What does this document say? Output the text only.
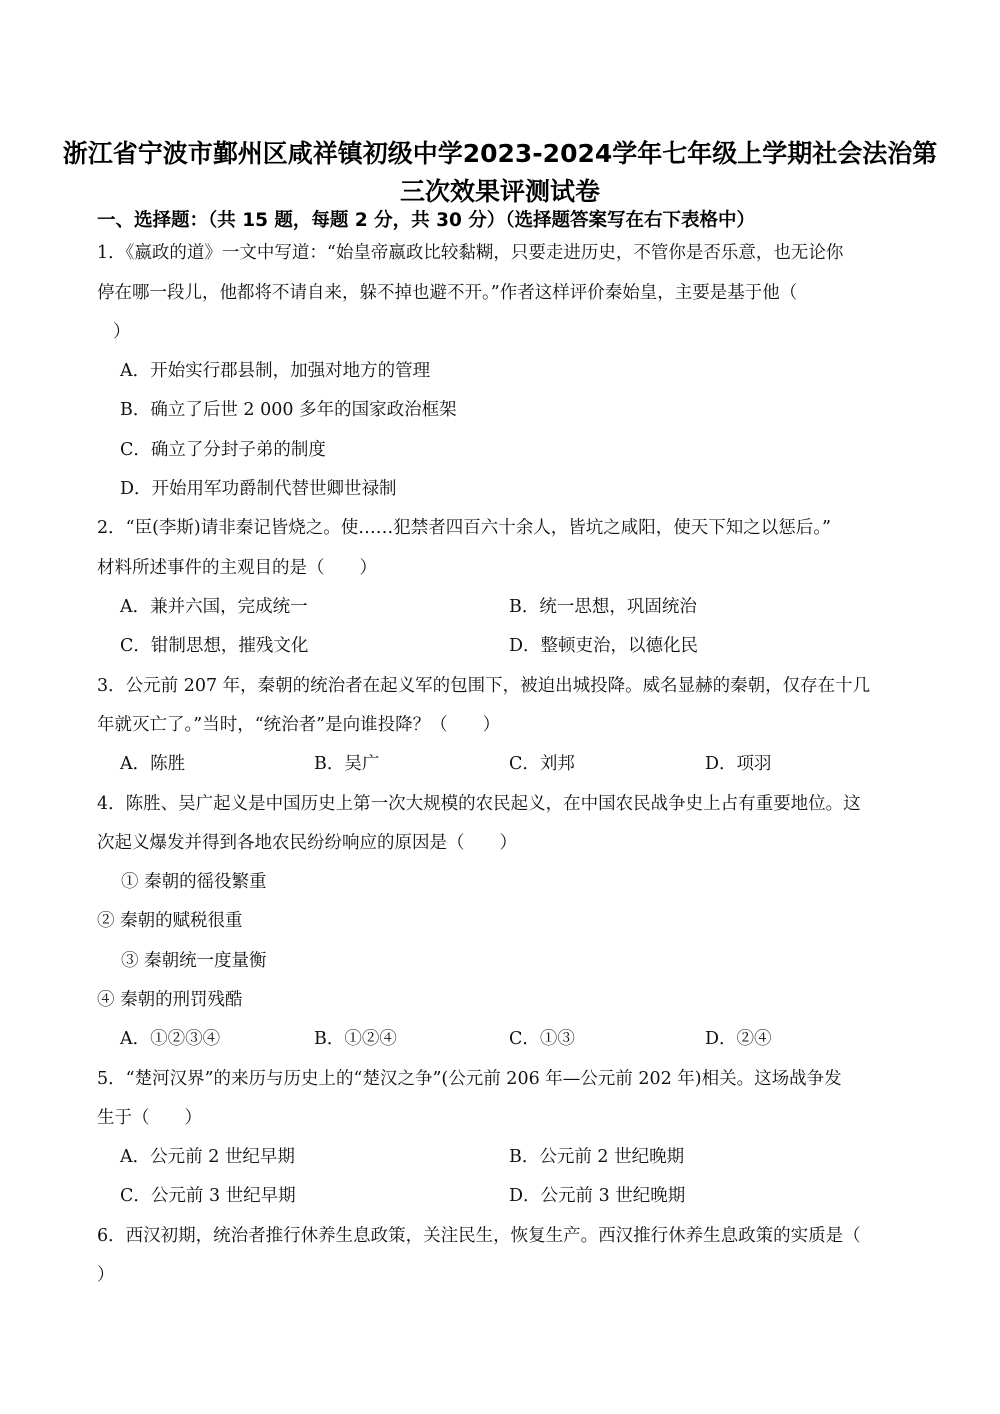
浙江省宁波市鄞州区咸祥镇初级中学2023-2024学年七年级上学期社会法治第
三次效果评测试卷
一、选择题：（共 15 题，每题 2 分，共 30 分）（选择题答案写在右下表格中）
1．《嬴政的道》一文中写道：“始皇帝嬴政比较黏糊，只要走进历史，不管你是否乐意，也无论你
停在哪一段儿，他都将不请自来，躲不掉也避不开。”作者这样评价秦始皇，主要是基于他（
）
A．开始实行郡县制，加强对地方的管理
B．确立了后世 2 000 多年的国家政治框架
C．确立了分封子弟的制度
D．开始用军功爵制代替世卿世禄制
2．“臣(李斯)请非秦记皆烧之。使……犯禁者四百六十余人，皆坑之咸阳，使天下知之以惩后。”
材料所述事件的主观目的是（　　）
A．兼并六国，完成统一	B．统一思想，巩固统治
C．钳制思想，摧残文化	D．整顿吏治，以德化民
3．公元前 207 年，秦朝的统治者在起义军的包围下，被迫出城投降。威名显赫的秦朝，仅存在十几
年就灭亡了。”当时，“统治者”是向谁投降？（　　）
A．陈胜	B．吴广	C．刘邦	D．项羽
4．陈胜、吴广起义是中国历史上第一次大规模的农民起义，在中国农民战争史上占有重要地位。这
次起义爆发并得到各地农民纷纷响应的原因是（　　）
① 秦朝的徭役繁重
② 秦朝的赋税很重
③ 秦朝统一度量衡
④ 秦朝的刑罚残酷
A．①②③④	B．①②④	C．①③	D．②④
5．“楚河汉界”的来历与历史上的“楚汉之争”(公元前 206 年—公元前 202 年)相关。这场战争发
生于（　　）
A．公元前 2 世纪早期	B．公元前 2 世纪晚期
C．公元前 3 世纪早期	D．公元前 3 世纪晚期
6．西汉初期，统治者推行休养生息政策，关注民生，恢复生产。西汉推行休养生息政策的实质是（
）
